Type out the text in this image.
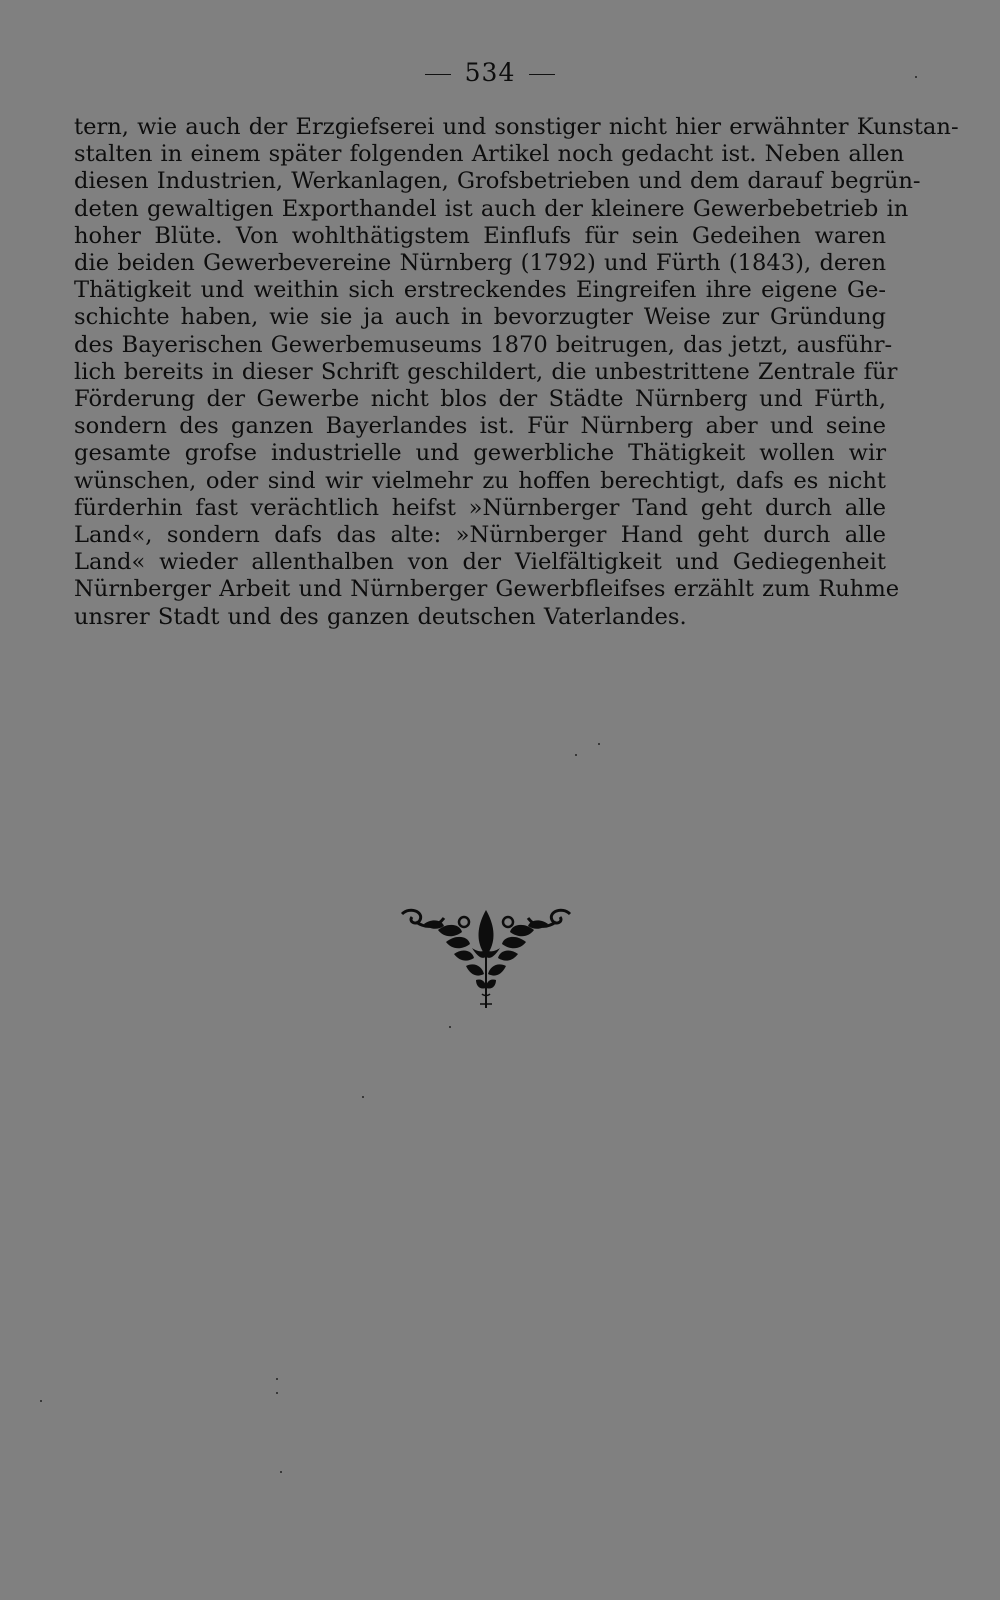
534
tern, wie auch der Erzgiefserei und sonstiger nicht hier erwähnter Kunstan-
stalten in einem später folgenden Artikel noch gedacht ist. Neben allen
diesen Industrien, Werkanlagen, Grofsbetrieben und dem darauf begrün-
deten gewaltigen Exporthandel ist auch der kleinere Gewerbebetrieb in
hoher Blüte. Von wohlthätigstem Einflufs für sein Gedeihen waren
die beiden Gewerbevereine Nürnberg (1792) und Fürth (1843), deren
Thätigkeit und weithin sich erstreckendes Eingreifen ihre eigene Ge-
schichte haben, wie sie ja auch in bevorzugter Weise zur Gründung
des Bayerischen Gewerbemuseums 1870 beitrugen, das jetzt, ausführ-
lich bereits in dieser Schrift geschildert, die unbestrittene Zentrale für
Förderung der Gewerbe nicht blos der Städte Nürnberg und Fürth,
sondern des ganzen Bayerlandes ist. Für Nürnberg aber und seine
gesamte grofse industrielle und gewerbliche Thätigkeit wollen wir
wünschen, oder sind wir vielmehr zu hoffen berechtigt, dafs es nicht
fürderhin fast verächtlich heifst »Nürnberger Tand geht durch alle
Land«, sondern dafs das alte: »Nürnberger Hand geht durch alle
Land« wieder allenthalben von der Vielfältigkeit und Gediegenheit
Nürnberger Arbeit und Nürnberger Gewerbfleifses erzählt zum Ruhme
unsrer Stadt und des ganzen deutschen Vaterlandes.
